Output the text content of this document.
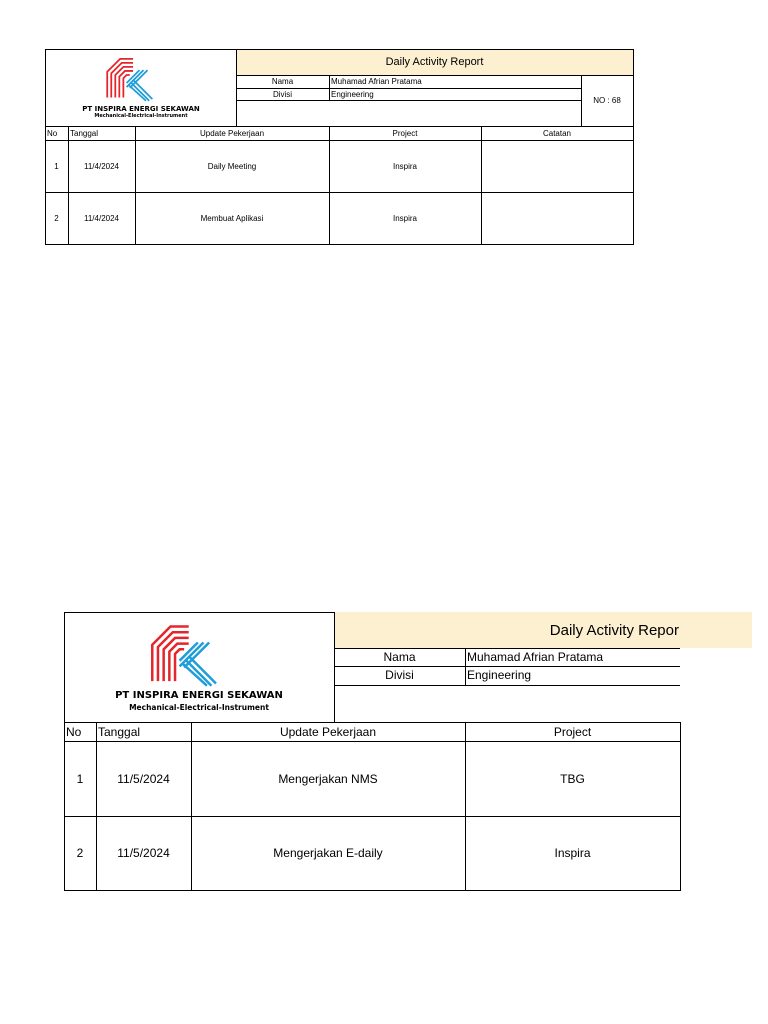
Daily Activity Report
PT INSPIRA ENERGI SEKAWAN
Mechanical-Electrical-Instrument
Nama	Muhamad Afrian Pratama
Divisi	Engineering
NO : 68
No	Tanggal	Update Pekerjaan	Project	Catatan
1	11/4/2024	Daily Meeting	Inspira
2	11/4/2024	Membuat Aplikasi	Inspira
Daily Activity Repor
PT INSPIRA ENERGI SEKAWAN
Mechanical-Electrical-Instrument
Nama	Muhamad Afrian Pratama
Divisi	Engineering
No	Tanggal	Update Pekerjaan	Project
1	11/5/2024	Mengerjakan NMS	TBG
2	11/5/2024	Mengerjakan E-daily	Inspira
